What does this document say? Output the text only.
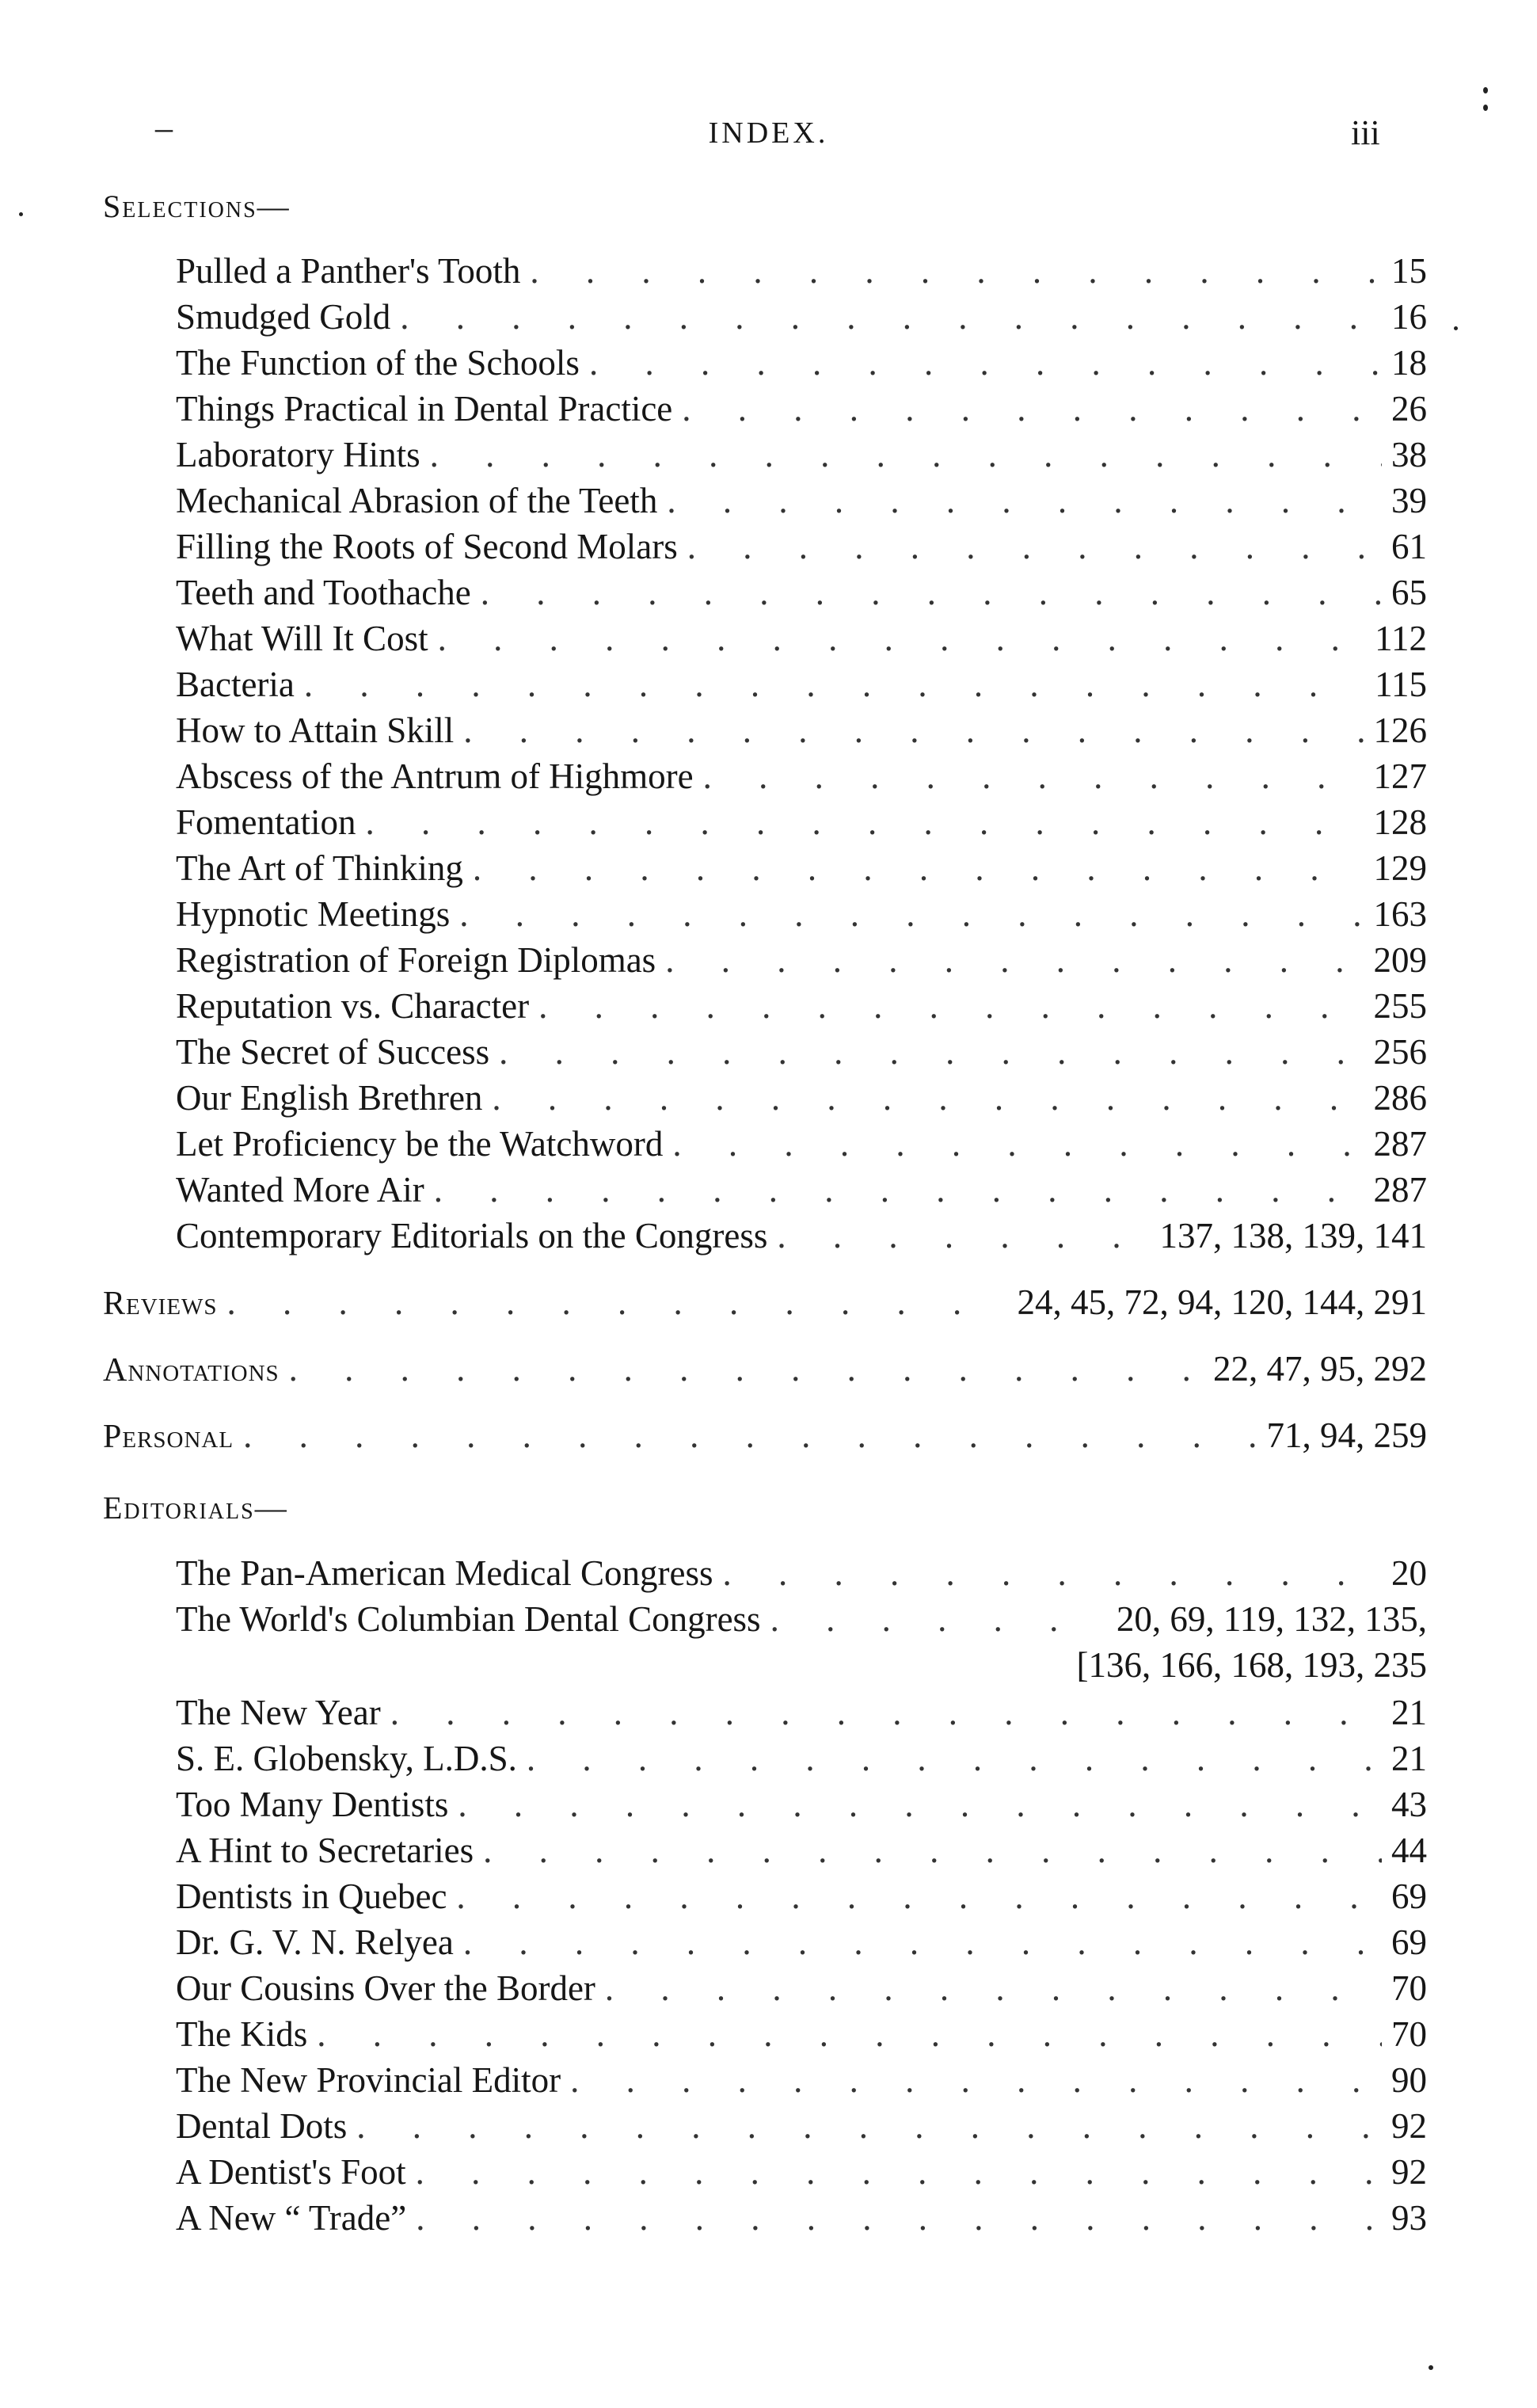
–	INDEX.	iii
Selections—
Pulled a Panther's Tooth . . .	15
Smudged Gold . . .	16
The Function of the Schools . . .	18
Things Practical in Dental Practice . . .	26
Laboratory Hints . . .	38
Mechanical Abrasion of the Teeth . . .	39
Filling the Roots of Second Molars . . .	61
Teeth and Toothache . . .	65
What Will It Cost . . .	112
Bacteria . . .	115
How to Attain Skill . . .	126
Abscess of the Antrum of Highmore . . .	127
Fomentation . . .	128
The Art of Thinking . . .	129
Hypnotic Meetings . . .	163
Registration of Foreign Diplomas . . .	209
Reputation vs. Character . . .	255
The Secret of Success . . .	256
Our English Brethren . . .	286
Let Proficiency be the Watchword . . .	287
Wanted More Air . . .	287
Contemporary Editorials on the Congress . . .	137, 138, 139, 141
Reviews . . .	24, 45, 72, 94, 120, 144, 291
Annotations . . .	22, 47, 95, 292
Personal . . .	71, 94, 259
Editorials—
The Pan-American Medical Congress . . .	20
The World's Columbian Dental Congress . . .	20, 69, 119, 132, 135,
[136, 166, 168, 193, 235
The New Year . . .	21
S. E. Globensky, L.D.S. . . .	21
Too Many Dentists . . .	43
A Hint to Secretaries . . .	44
Dentists in Quebec . . .	69
Dr. G. V. N. Relyea . . .	69
Our Cousins Over the Border . . .	70
The Kids . . .	70
The New Provincial Editor . . .	90
Dental Dots . . .	92
A Dentist's Foot . . .	92
A New “ Trade” . . .	93
